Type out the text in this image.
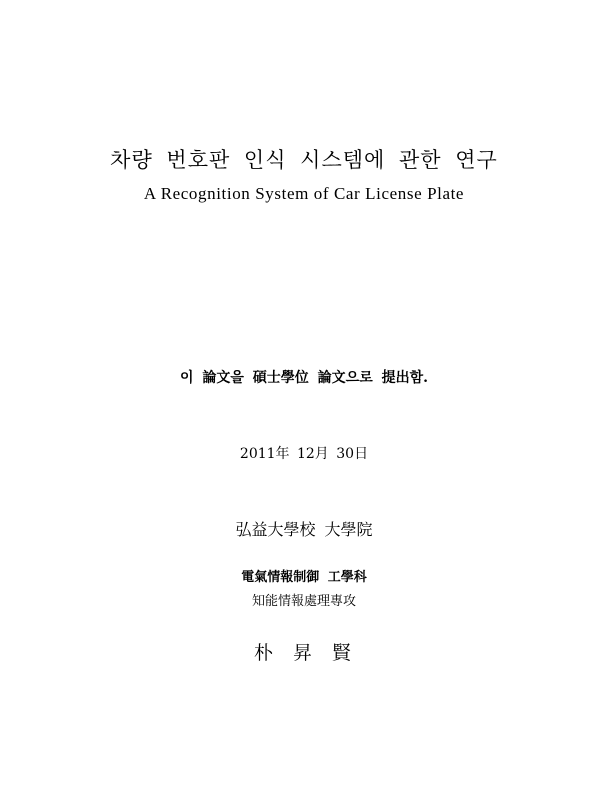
차량 번호판 인식 시스템에 관한 연구
A Recognition System of Car License Plate
이 論文을 碩士學位 論文으로 提出함.
2011年 12月 30日
弘益大學校 大學院
電氣情報制御 工學科
知能情報處理專攻
朴 昇 賢
